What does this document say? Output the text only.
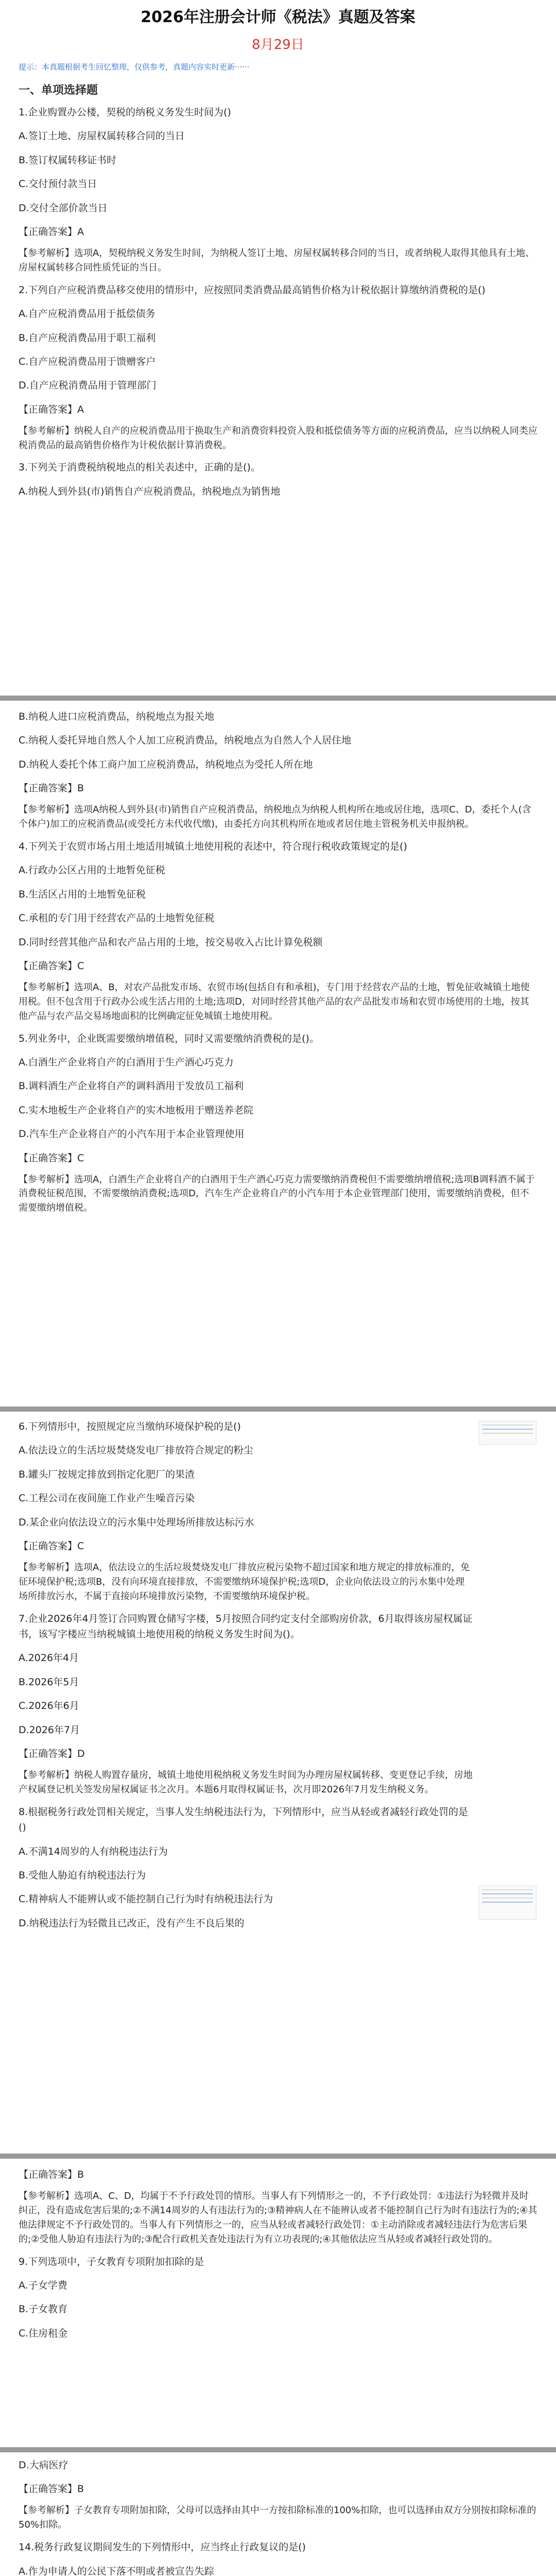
2026年注册会计师《税法》真题及答案
8月29日
提示：本真题根据考生回忆整理，仅供参考，真题内容实时更新······
一、单项选择题
1.企业购置办公楼，契税的纳税义务发生时间为()
A.签订土地、房屋权属转移合同的当日
B.签订权属转移证书时
C.交付预付款当日
D.交付全部价款当日
【正确答案】A
【参考解析】选项A，契税纳税义务发生时间，为纳税人签订土地、房屋权属转移合同的当日，或者纳税人取得其他具有土地、房屋权属转移合同性质凭证的当日。
2.下列自产应税消费品移交使用的情形中，应按照同类消费品最高销售价格为计税依据计算缴纳消费税的是()
A.自产应税消费品用于抵偿债务
B.自产应税消费品用于职工福利
C.自产应税消费品用于馈赠客户
D.自产应税消费品用于管理部门
【正确答案】A
【参考解析】纳税人自产的应税消费品用于换取生产和消费资料投资入股和抵偿债务等方面的应税消费品，应当以纳税人同类应税消费品的最高销售价格作为计税依据计算消费税。
3.下列关于消费税纳税地点的相关表述中，正确的是()。
A.纳税人到外县(市)销售自产应税消费品，纳税地点为销售地
B.纳税人进口应税消费品，纳税地点为报关地
C.纳税人委托异地自然人个人加工应税消费品，纳税地点为自然人个人居住地
D.纳税人委托个体工商户加工应税消费品，纳税地点为受托人所在地
【正确答案】B
【参考解析】选项A纳税人到外县(市)销售自产应税消费品，纳税地点为纳税人机构所在地或居住地，选项C、D，委托个人(含个体户)加工的应税消费品(或受托方未代收代缴)，由委托方向其机构所在地或者居住地主管税务机关申报纳税。
4.下列关于农贸市场占用土地适用城镇土地使用税的表述中，符合现行税收政策规定的是()
A.行政办公区占用的土地暂免征税
B.生活区占用的土地暂免征税
C.承租的专门用于经营农产品的土地暂免征税
D.同时经营其他产品和农产品占用的土地，按交易收入占比计算免税额
【正确答案】C
【参考解析】选项A、B，对农产品批发市场、农贸市场(包括自有和承租)，专门用于经营农产品的土地，暂免征收城镇土地使用税。但不包含用于行政办公或生活占用的土地;选项D，对同时经营其他产品的农产品批发市场和农贸市场使用的土地，按其他产品与农产品交易场地面积的比例确定征免城镇土地使用税。
5.列业务中，企业既需要缴纳增值税，同时又需要缴纳消费税的是()。
A.白酒生产企业将自产的白酒用于生产酒心巧克力
B.调料酒生产企业将自产的调料酒用于发放员工福利
C.实木地板生产企业将自产的实木地板用于赠送养老院
D.汽车生产企业将自产的小汽车用于本企业管理使用
【正确答案】C
【参考解析】选项A，白酒生产企业将自产的白酒用于生产酒心巧克力需要缴纳消费税但不需要缴纳增值税;选项B调料酒不属于消费税征税范围，不需要缴纳消费税;选项D，汽车生产企业将自产的小汽车用于本企业管理部门使用，需要缴纳消费税，但不需要缴纳增值税。
6.下列情形中，按照规定应当缴纳环境保护税的是()
A.依法设立的生活垃圾焚烧发电厂排放符合规定的粉尘
B.罐头厂按规定排放到指定化肥厂的果渣
C.工程公司在夜间施工作业产生噪音污染
D.某企业向依法设立的污水集中处理场所排放达标污水
【正确答案】C
【参考解析】选项A，依法设立的生活垃圾焚烧发电厂排放应税污染物不超过国家和地方规定的排放标准的，免征环境保护税;选项B，没有向环境直接排放，不需要缴纳环境保护税;选项D，企业向依法设立的污水集中处理场所排放污水，不属于直接向环境排放污染物，不需要缴纳环境保护税。
7.企业2026年4月签订合同购置仓储写字楼，5月按照合同约定支付全部购房价款，6月取得该房屋权属证书，该写字楼应当纳税城镇土地使用税的纳税义务发生时间为()。
A.2026年4月
B.2026年5月
C.2026年6月
D.2026年7月
【正确答案】D
【参考解析】纳税人购置存量房，城镇土地使用税纳税义务发生时间为办理房屋权属转移、变更登记手续，房地产权属登记机关签发房屋权属证书之次月。本题6月取得权属证书，次月即2026年7月发生纳税义务。
8.根据税务行政处罚相关规定，当事人发生纳税违法行为，下列情形中，应当从轻或者减轻行政处罚的是()
A.不满14周岁的人有纳税违法行为
B.受他人胁迫有纳税违法行为
C.精神病人不能辨认或不能控制自己行为时有纳税违法行为
D.纳税违法行为轻微且已改正，没有产生不良后果的
【正确答案】B
【参考解析】选项A、C、D，均属于不予行政处罚的情形。当事人有下列情形之一的，不予行政处罚：①违法行为轻微并及时纠正，没有造成危害后果的;②不满14周岁的人有违法行为的;③精神病人在不能辨认或者不能控制自己行为时有违法行为的;④其他法律规定不予行政处罚的。当事人有下列情形之一的，应当从轻或者减轻行政处罚：①主动消除或者减轻违法行为危害后果的;②受他人胁迫有违法行为的;③配合行政机关查处违法行为有立功表现的;④其他依法应当从轻或者减轻行政处罚的。
9.下列选项中，子女教育专项附加扣除的是
A.子女学费
B.子女教育
C.住房租金
D.大病医疗
【正确答案】B
【参考解析】子女教育专项附加扣除，父母可以选择由其中一方按扣除标准的100%扣除，也可以选择由双方分别按扣除标准的50%扣除。
14.税务行政复议期间发生的下列情形中，应当终止行政复议的是()
A.作为申请人的公民下落不明或者被宣告失踪
